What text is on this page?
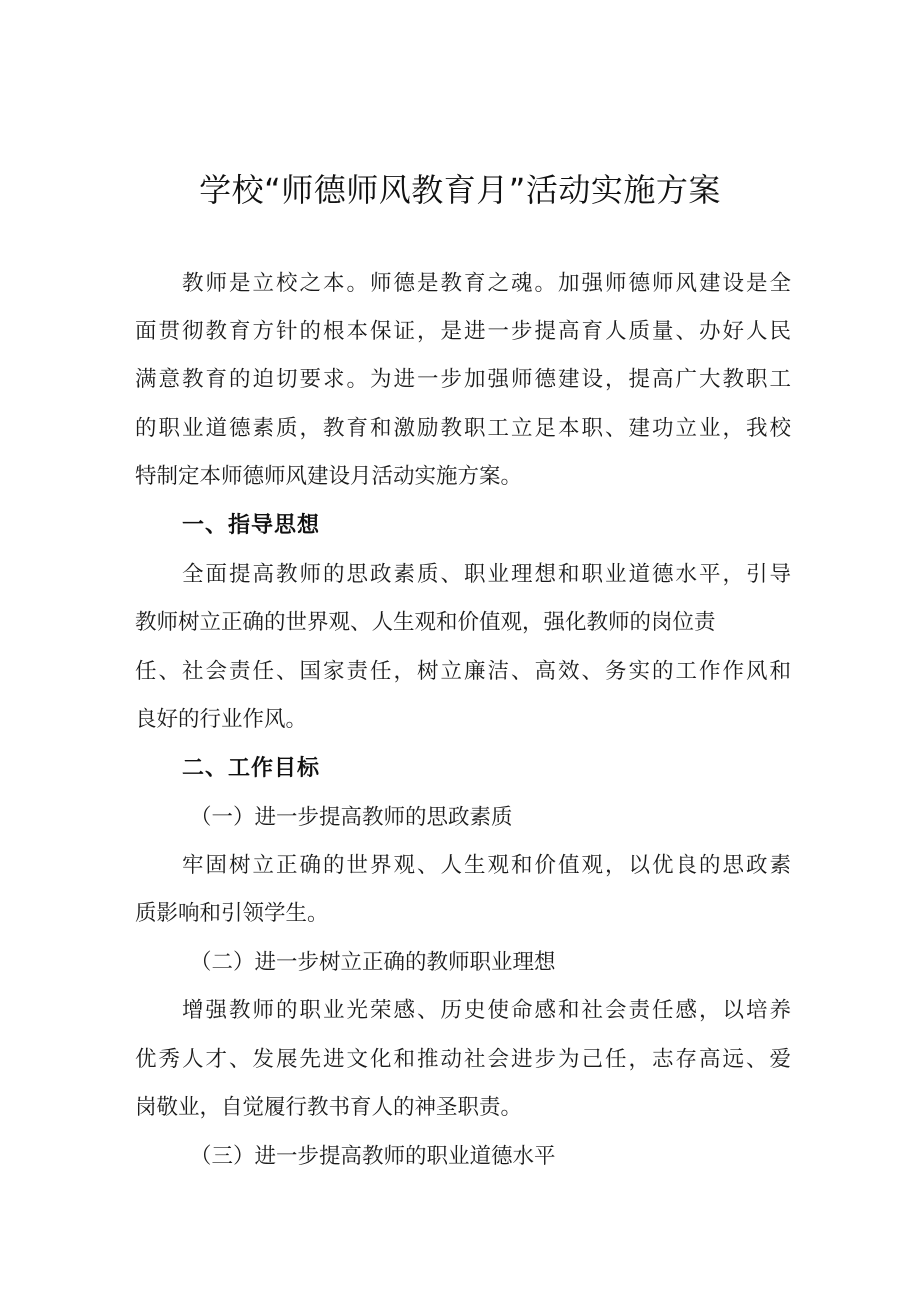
学校“师德师风教育月”活动实施方案
教师是立校之本。师德是教育之魂。加强师德师风建设是全
面贯彻教育方针的根本保证，是进一步提高育人质量、办好人民
满意教育的迫切要求。为进一步加强师德建设，提高广大教职工
的职业道德素质，教育和激励教职工立足本职、建功立业，我校
特制定本师德师风建设月活动实施方案。
一、指导思想
全面提高教师的思政素质、职业理想和职业道德水平，引导
教师树立正确的世界观、人生观和价值观，强化教师的岗位责
任、社会责任、国家责任，树立廉洁、高效、务实的工作作风和
良好的行业作风。
二、工作目标
（一）进一步提高教师的思政素质
牢固树立正确的世界观、人生观和价值观，以优良的思政素
质影响和引领学生。
（二）进一步树立正确的教师职业理想
增强教师的职业光荣感、历史使命感和社会责任感，以培养
优秀人才、发展先进文化和推动社会进步为己任，志存高远、爱
岗敬业，自觉履行教书育人的神圣职责。
（三）进一步提高教师的职业道德水平
